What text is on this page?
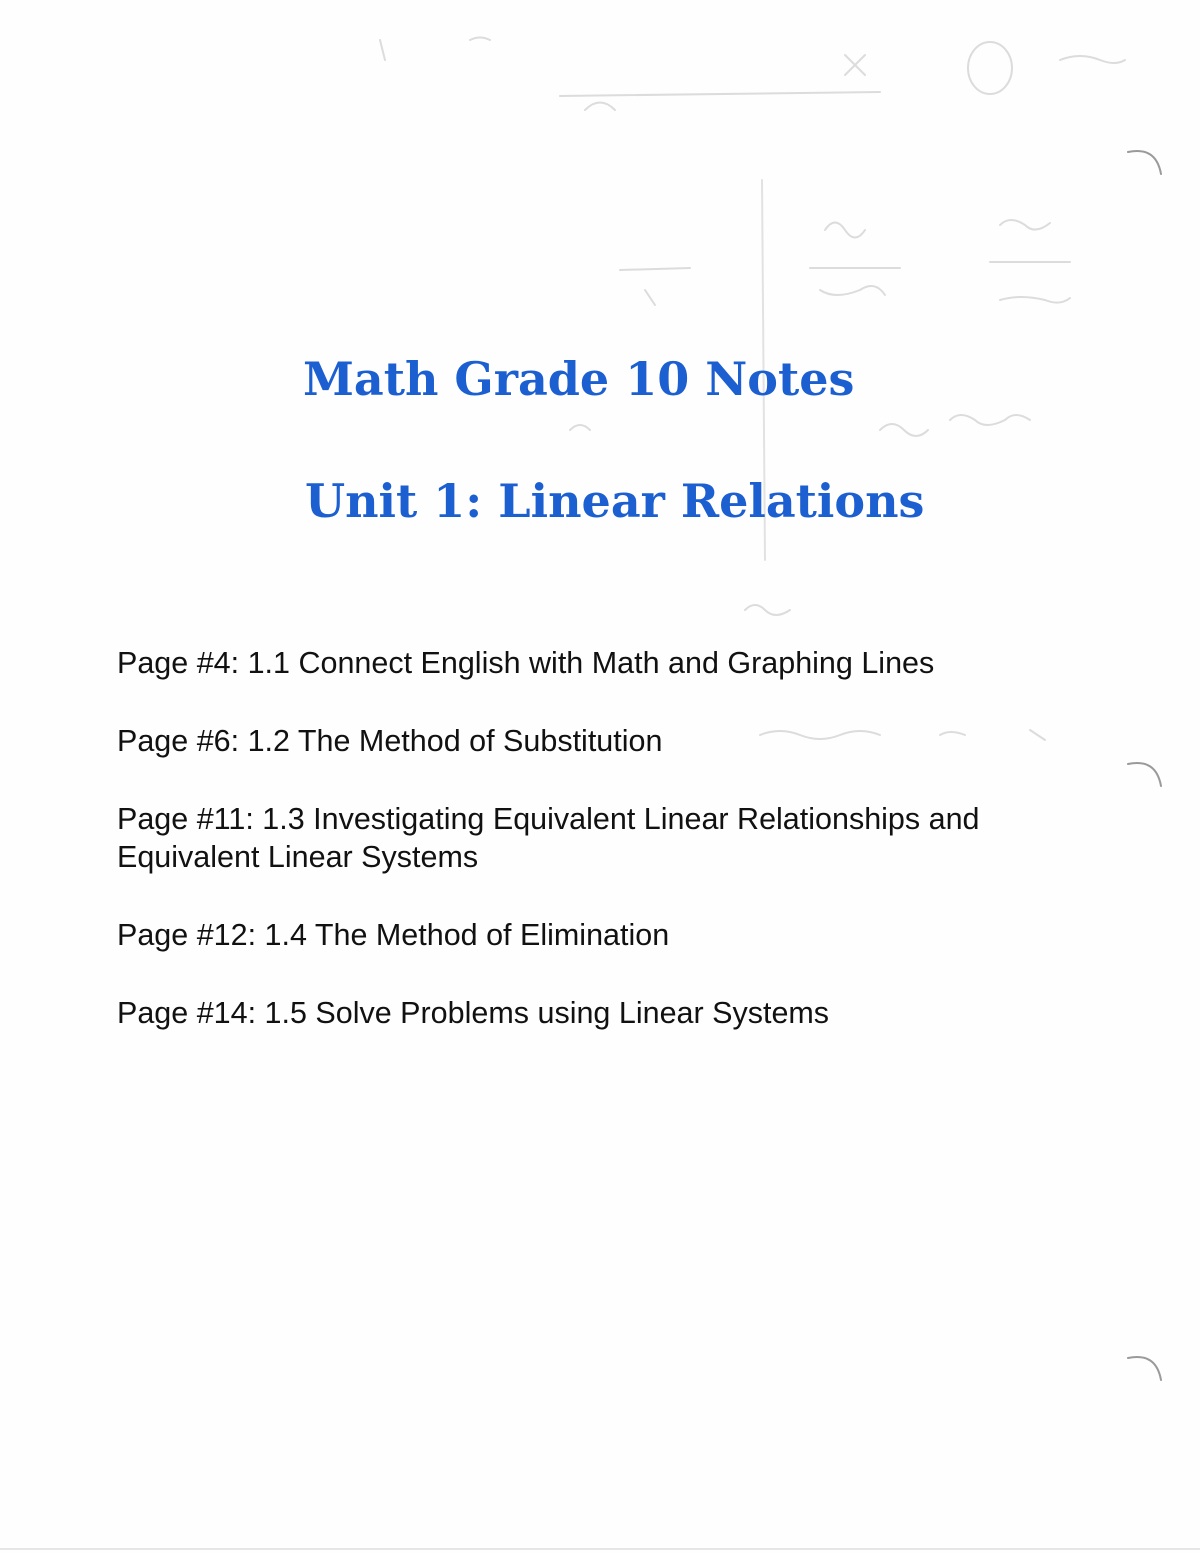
Math Grade 10 Notes
Unit 1: Linear Relations
Page #4: 1.1 Connect English with Math and Graphing Lines
Page #6: 1.2 The Method of Substitution
Page #11: 1.3 Investigating Equivalent Linear Relationships and Equivalent Linear Systems
Page #12: 1.4 The Method of Elimination
Page #14: 1.5 Solve Problems using Linear Systems
